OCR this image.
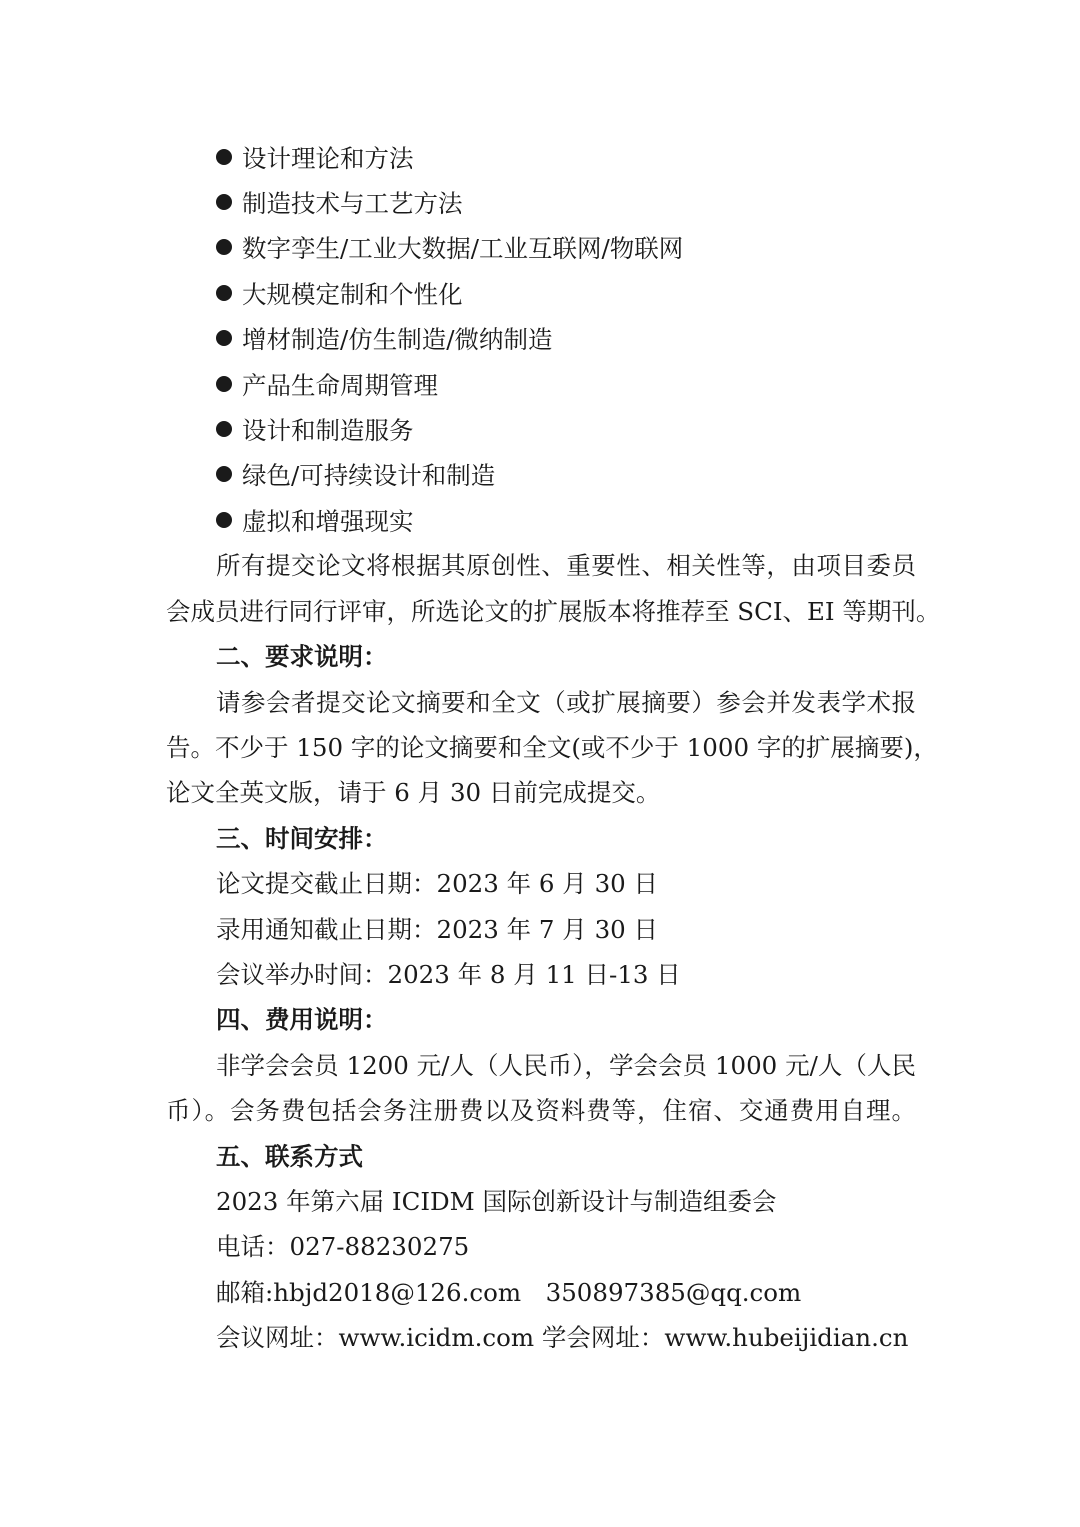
设计理论和方法
制造技术与工艺方法
数字孪生/工业大数据/工业互联网/物联网
大规模定制和个性化
增材制造/仿生制造/微纳制造
产品生命周期管理
设计和制造服务
绿色/可持续设计和制造
虚拟和增强现实
所有提交论文将根据其原创性、重要性、相关性等，由项目委员
会成员进行同行评审，所选论文的扩展版本将推荐至 SCI、EI 等期刊。
二、要求说明：
请参会者提交论文摘要和全文（或扩展摘要）参会并发表学术报
告。不少于 150 字的论文摘要和全文(或不少于 1000 字的扩展摘要)，
论文全英文版，请于 6 月 30 日前完成提交。
三、时间安排：
论文提交截止日期：2023 年 6 月 30 日
录用通知截止日期：2023 年 7 月 30 日
会议举办时间：2023 年 8 月 11 日-13 日
四、费用说明：
非学会会员 1200 元/人（人民币），学会会员 1000 元/人（人民
币）。会务费包括会务注册费以及资料费等，住宿、交通费用自理。
五、联系方式
2023 年第六届 ICIDM 国际创新设计与制造组委会
电话：027-88230275
邮箱:hbjd2018@126.com　350897385@qq.com
会议网址：www.icidm.com 学会网址：www.hubeijidian.cn
